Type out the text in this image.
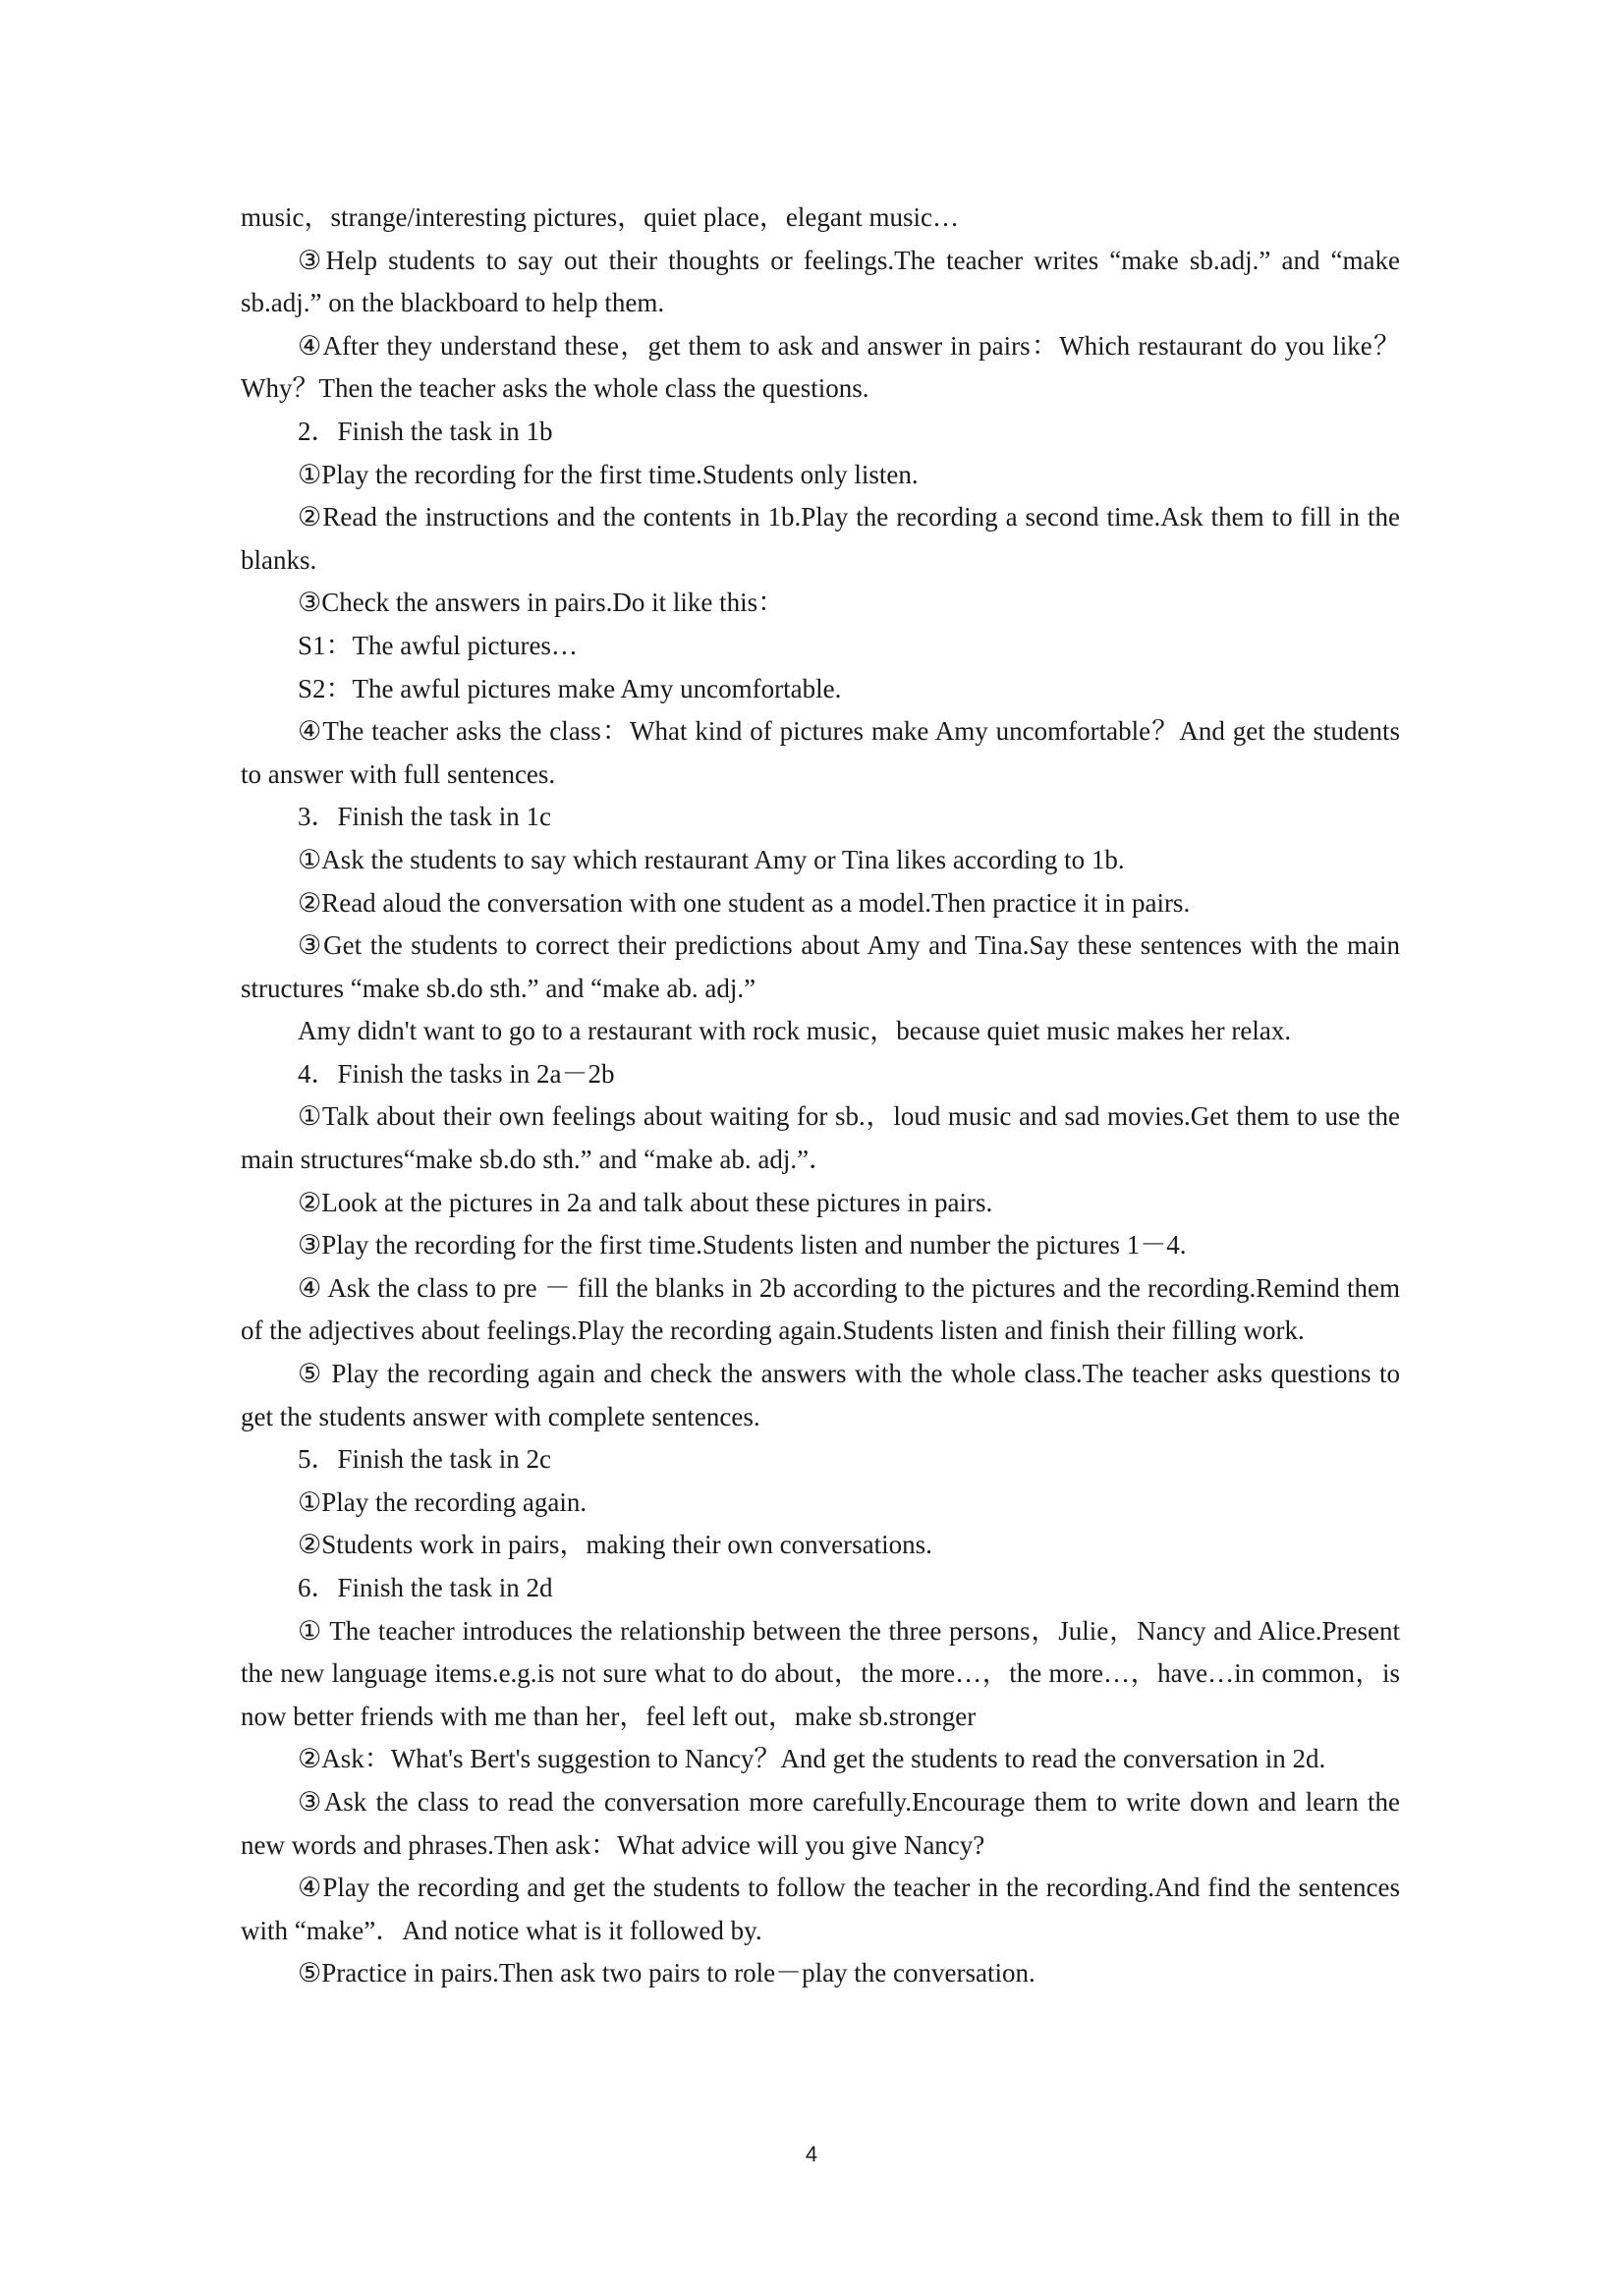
music，strange/interesting pictures，quiet place，elegant music…

③Help students to say out their thoughts or feelings.The teacher writes “make sb.adj.” and “make sb.adj.” on the blackboard to help them.

④After they understand these，get them to ask and answer in pairs：Which restaurant do you like？Why？Then the teacher asks the whole class the questions.

2．Finish the task in 1b

①Play the recording for the first time.Students only listen.

②Read the instructions and the contents in 1b.Play the recording a second time.Ask them to fill in the blanks.

③Check the answers in pairs.Do it like this：

S1：The awful pictures…

S2：The awful pictures make Amy uncomfortable.

④The teacher asks the class：What kind of pictures make Amy uncomfortable？And get the students to answer with full sentences.

3．Finish the task in 1c

①Ask the students to say which restaurant Amy or Tina likes according to 1b.

②Read aloud the conversation with one student as a model.Then practice it in pairs.

③Get the students to correct their predictions about Amy and Tina.Say these sentences with the main structures “make sb.do sth.” and “make ab. adj.”

Amy didn't want to go to a restaurant with rock music，because quiet music makes her relax.

4．Finish the tasks in 2a－2b

①Talk about their own feelings about waiting for sb.，loud music and sad movies.Get them to use the main structures“make sb.do sth.” and “make ab. adj.”．

②Look at the pictures in 2a and talk about these pictures in pairs.

③Play the recording for the first time.Students listen and number the pictures 1－4.

④ Ask the class to pre － fill the blanks in 2b according to the pictures and the recording.Remind them of the adjectives about feelings.Play the recording again.Students listen and finish their filling work.

⑤ Play the recording again and check the answers with the whole class.The teacher asks questions to get the students answer with complete sentences.

5．Finish the task in 2c

①Play the recording again.

②Students work in pairs，making their own conversations.

6．Finish the task in 2d

① The teacher introduces the relationship between the three persons，Julie，Nancy and Alice.Present the new language items.e.g.is not sure what to do about，the more…，the more…，have…in common，is now better friends with me than her，feel left out，make sb.stronger

②Ask：What's Bert's suggestion to Nancy？And get the students to read the conversation in 2d.

③Ask the class to read the conversation more carefully.Encourage them to write down and learn the new words and phrases.Then ask：What advice will you give Nancy?

④Play the recording and get the students to follow the teacher in the recording.And find the sentences with “make”．And notice what is it followed by.

⑤Practice in pairs.Then ask two pairs to role－play the conversation.

4
